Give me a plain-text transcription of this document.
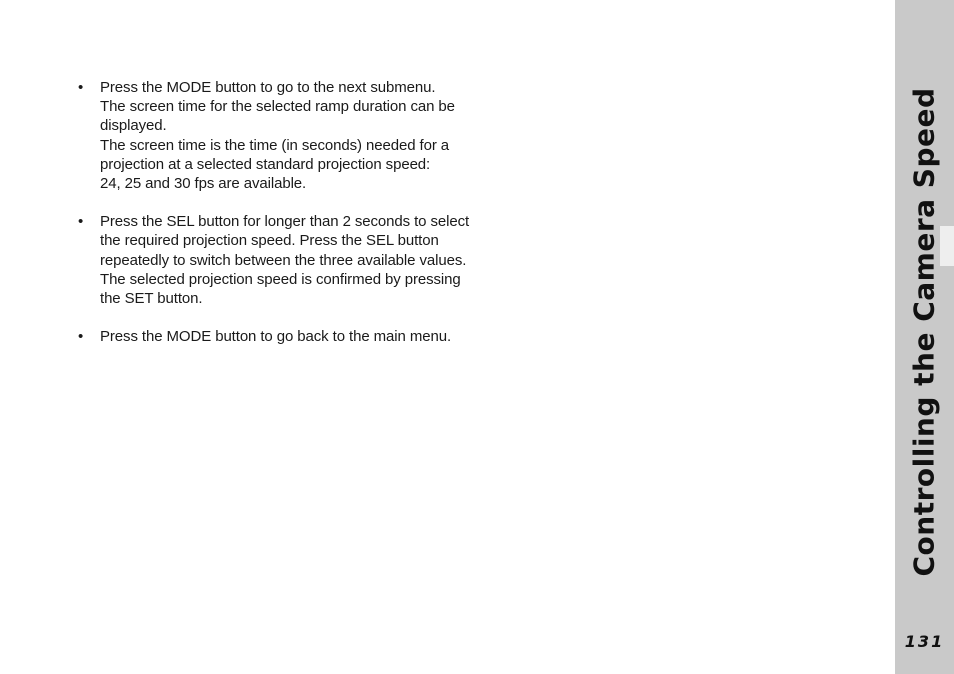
• Press the MODE button to go to the next submenu.
The screen time for the selected ramp duration can be displayed.
The screen time is the time (in seconds) needed for a projection at a selected standard projection speed:
24, 25 and 30 fps are available.
• Press the SEL button for longer than 2 seconds to select the required projection speed. Press the SEL button repeatedly to switch between the three available values.
The selected projection speed is confirmed by pressing the SET button.
• Press the MODE button to go back to the main menu.	Controlling the Camera Speed
131
